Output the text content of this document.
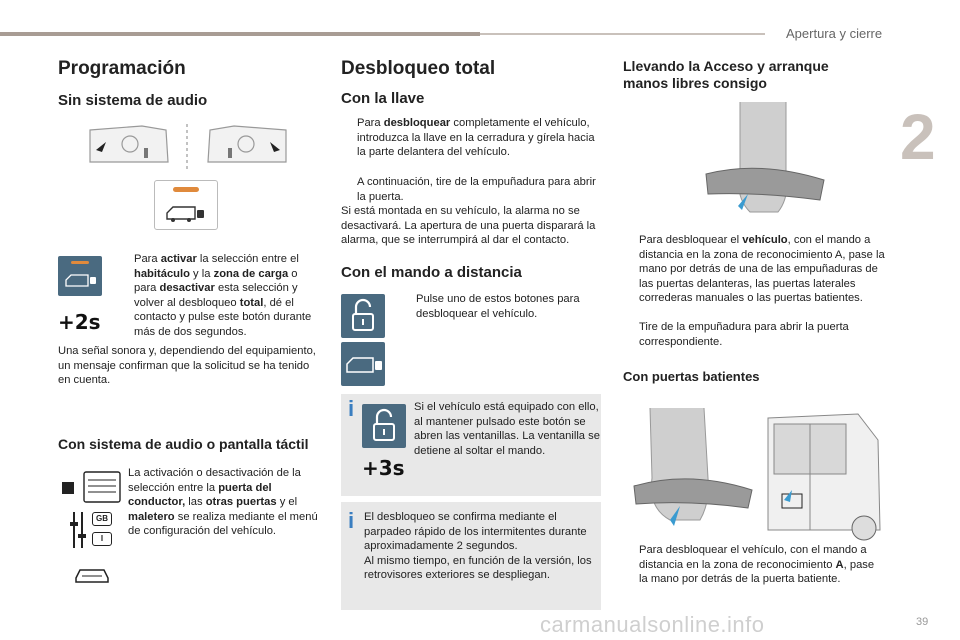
Apertura y cierre
2
Programación
Sin sistema de audio
+2s
Para activar la selección entre el habitáculo y la zona de carga o para desactivar esta selección y volver al desbloqueo total, dé el contacto y pulse este botón durante más de dos segundos.
Una señal sonora y, dependiendo del equipamiento, un mensaje confirman que la solicitud se ha tenido en cuenta.
Con sistema de audio o pantalla táctil
GB
I
La activación o desactivación de la selección entre la puerta del conductor, las otras puertas y el maletero se realiza mediante el menú de configuración del vehículo.
Desbloqueo total
Con la llave
Para desbloquear completamente el vehículo, introduzca la llave en la cerradura y gírela hacia la parte delantera del vehículo.
A continuación, tire de la empuñadura para abrir la puerta.
Si está montada en su vehículo, la alarma no se desactivará. La apertura de una puerta disparará la alarma, que se interrumpirá al dar el contacto.
Con el mando a distancia
Pulse uno de estos botones para desbloquear el vehículo.
i
+3s
Si el vehículo está equipado con ello, al mantener pulsado este botón se abren las ventanillas. La ventanilla se detiene al soltar el mando.
i El desbloqueo se confirma mediante el parpadeo rápido de los intermitentes durante aproximadamente 2 segundos.
Al mismo tiempo, en función de la versión, los retrovisores exteriores se despliegan.
Llevando la Acceso y arranque
manos libres consigo
Para desbloquear el vehículo, con el mando a distancia en la zona de reconocimiento A, pase la mano por detrás de una de las empuñaduras de las puertas delanteras, las puertas laterales correderas manuales o las puertas batientes.
Tire de la empuñadura para abrir la puerta correspondiente.
Con puertas batientes
Para desbloquear el vehículo, con el mando a distancia en la zona de reconocimiento A, pase la mano por detrás de la puerta batiente.
carmanualsonline.info	39
